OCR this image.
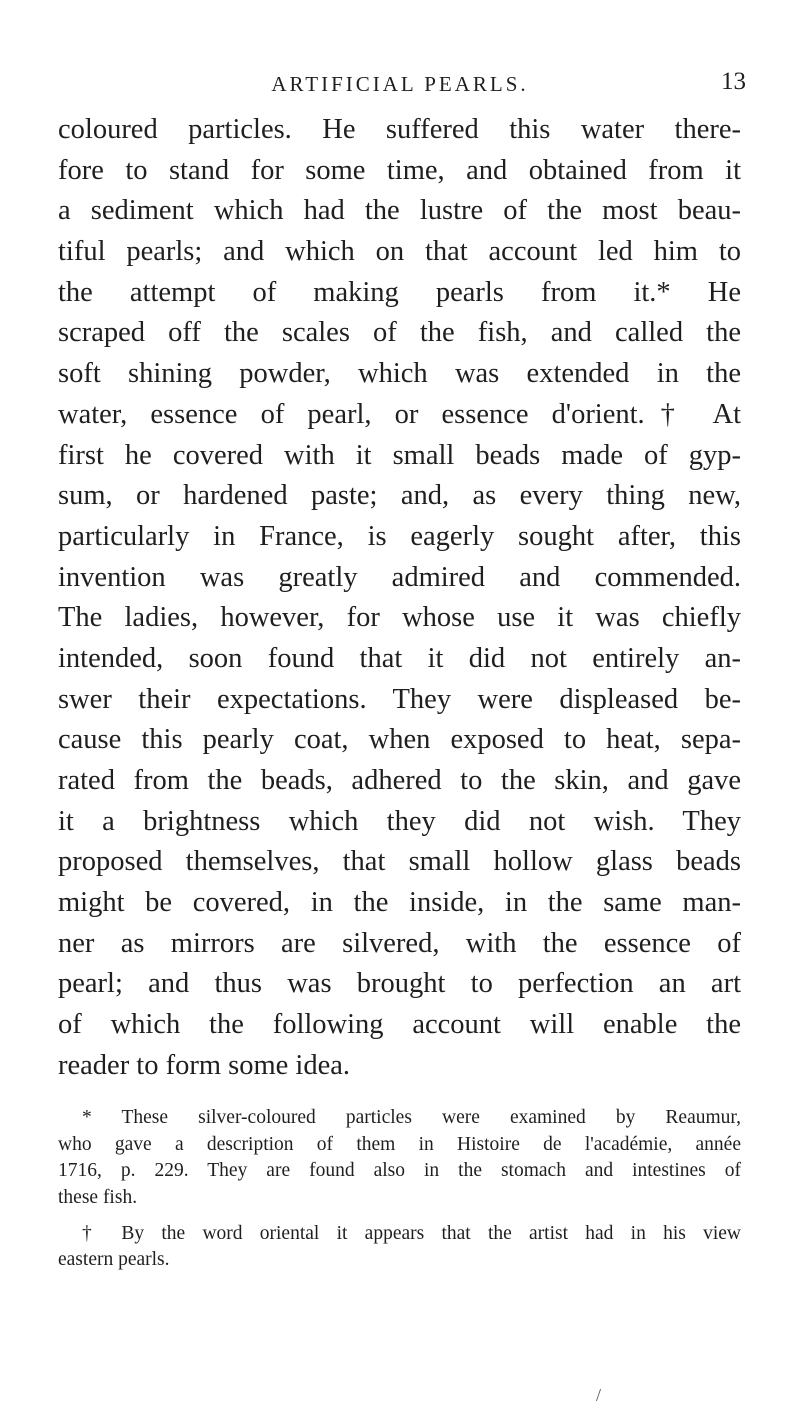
ARTIFICIAL PEARLS.	13
coloured particles. He suffered this water there-
fore to stand for some time, and obtained from it
a sediment which had the lustre of the most beau-
tiful pearls; and which on that account led him to
the attempt of making pearls from it.* He
scraped off the scales of the fish, and called the
soft shining powder, which was extended in the
water, essence of pearl, or essence d'orient.† At
first he covered with it small beads made of gyp-
sum, or hardened paste; and, as every thing new,
particularly in France, is eagerly sought after, this
invention was greatly admired and commended.
The ladies, however, for whose use it was chiefly
intended, soon found that it did not entirely an-
swer their expectations. They were displeased be-
cause this pearly coat, when exposed to heat, sepa-
rated from the beads, adhered to the skin, and gave
it a brightness which they did not wish. They
proposed themselves, that small hollow glass beads
might be covered, in the inside, in the same man-
ner as mirrors are silvered, with the essence of
pearl; and thus was brought to perfection an art
of which the following account will enable the
reader to form some idea.
* These silver-coloured particles were examined by Reaumur,
who gave a description of them in Histoire de l'académie, année
1716, p. 229. They are found also in the stomach and intestines of
these fish.
† By the word oriental it appears that the artist had in his view
eastern pearls.
/
